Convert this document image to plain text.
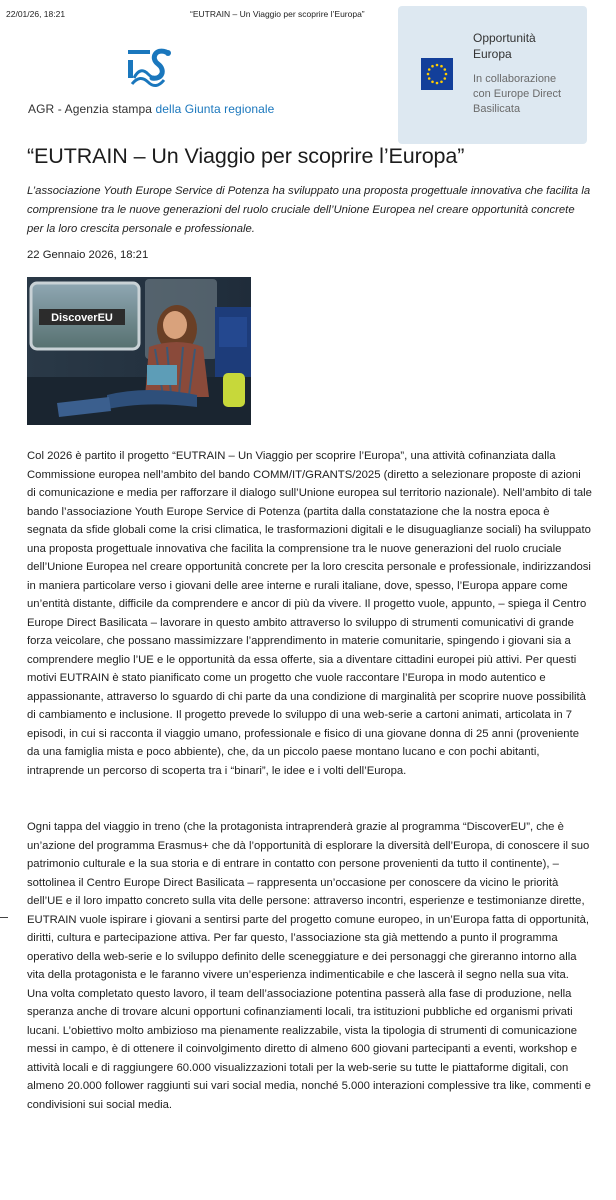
22/01/26, 18:21	“EUTRAIN – Un Viaggio per scoprire l’Europa”
AGR - Agenzia stampa della Giunta regionale
Opportunità
Europa
In collaborazione
con Europe Direct
Basilicata
“EUTRAIN – Un Viaggio per scoprire l’Europa”

L’associazione Youth Europe Service di Potenza ha sviluppato una proposta progettuale innovativa che facilita la comprensione tra le nuove generazioni del ruolo cruciale dell’Unione Europea nel creare opportunità concrete per la loro crescita personale e professionale.

22 Gennaio 2026, 18:21
DiscoverEU

Col 2026 è partito il progetto “EUTRAIN – Un Viaggio per scoprire l’Europa”, una attività cofinanziata dalla Commissione europea nell’ambito del bando COMM/IT/GRANTS/2025 (diretto a selezionare proposte di azioni di comunicazione e media per rafforzare il dialogo sull’Unione europea sul territorio nazionale). Nell’ambito di tale bando l’associazione Youth Europe Service di Potenza (partita dalla constatazione che la nostra epoca è segnata da sfide globali come la crisi climatica, le trasformazioni digitali e le disuguaglianze sociali) ha sviluppato una proposta progettuale innovativa che facilita la comprensione tra le nuove generazioni del ruolo cruciale dell’Unione Europea nel creare opportunità concrete per la loro crescita personale e professionale, indirizzandosi in maniera particolare verso i giovani delle aree interne e rurali italiane, dove, spesso, l’Europa appare come un’entità distante, difficile da comprendere e ancor di più da vivere. Il progetto vuole, appunto, – spiega il Centro Europe Direct Basilicata – lavorare in questo ambito attraverso lo sviluppo di strumenti comunicativi di grande forza veicolare, che possano massimizzare l’apprendimento in materie comunitarie, spingendo i giovani sia a comprendere meglio l’UE e le opportunità da essa offerte, sia a diventare cittadini europei più attivi. Per questi motivi EUTRAIN è stato pianificato come un progetto che vuole raccontare l’Europa in modo autentico e appassionante, attraverso lo sguardo di chi parte da una condizione di marginalità per scoprire nuove possibilità di cambiamento e inclusione. Il progetto prevede lo sviluppo di una web-serie a cartoni animati, articolata in 7 episodi, in cui si racconta il viaggio umano, professionale e fisico di una giovane donna di 25 anni (proveniente da una famiglia mista e poco abbiente), che, da un piccolo paese montano lucano e con pochi abitanti, intraprende un percorso di scoperta tra i “binari”, le idee e i volti dell’Europa.

Ogni tappa del viaggio in treno (che la protagonista intraprenderà grazie al programma “DiscoverEU”, che è un’azione del programma Erasmus+ che dà l’opportunità di esplorare la diversità dell’Europa, di conoscere il suo patrimonio culturale e la sua storia e di entrare in contatto con persone provenienti da tutto il continente), – sottolinea il Centro Europe Direct Basilicata – rappresenta un’occasione per conoscere da vicino le priorità dell’UE e il loro impatto concreto sulla vita delle persone: attraverso incontri, esperienze e testimonianze dirette, EUTRAIN vuole ispirare i giovani a sentirsi parte del progetto comune europeo, in un’Europa fatta di opportunità, diritti, cultura e partecipazione attiva. Per far questo, l’associazione sta già mettendo a punto il programma operativo della web-serie e lo sviluppo definito delle sceneggiature e dei personaggi che gireranno intorno alla vita della protagonista e le faranno vivere un’esperienza indimenticabile e che lascerà il segno nella sua vita. Una volta completato questo lavoro, il team dell’associazione potentina passerà alla fase di produzione, nella speranza anche di trovare alcuni opportuni cofinanziamenti locali, tra istituzioni pubbliche ed organismi privati lucani. L’obiettivo molto ambizioso ma pienamente realizzabile, vista la tipologia di strumenti di comunicazione messi in campo, è di ottenere il coinvolgimento diretto di almeno 600 giovani partecipanti a eventi, workshop e attività locali e di raggiungere 60.000 visualizzazioni totali per la web-serie su tutte le piattaforme digitali, con almeno 20.000 follower raggiunti sui vari social media, nonché 5.000 interazioni complessive tra like, commenti e condivisioni sui social media.
